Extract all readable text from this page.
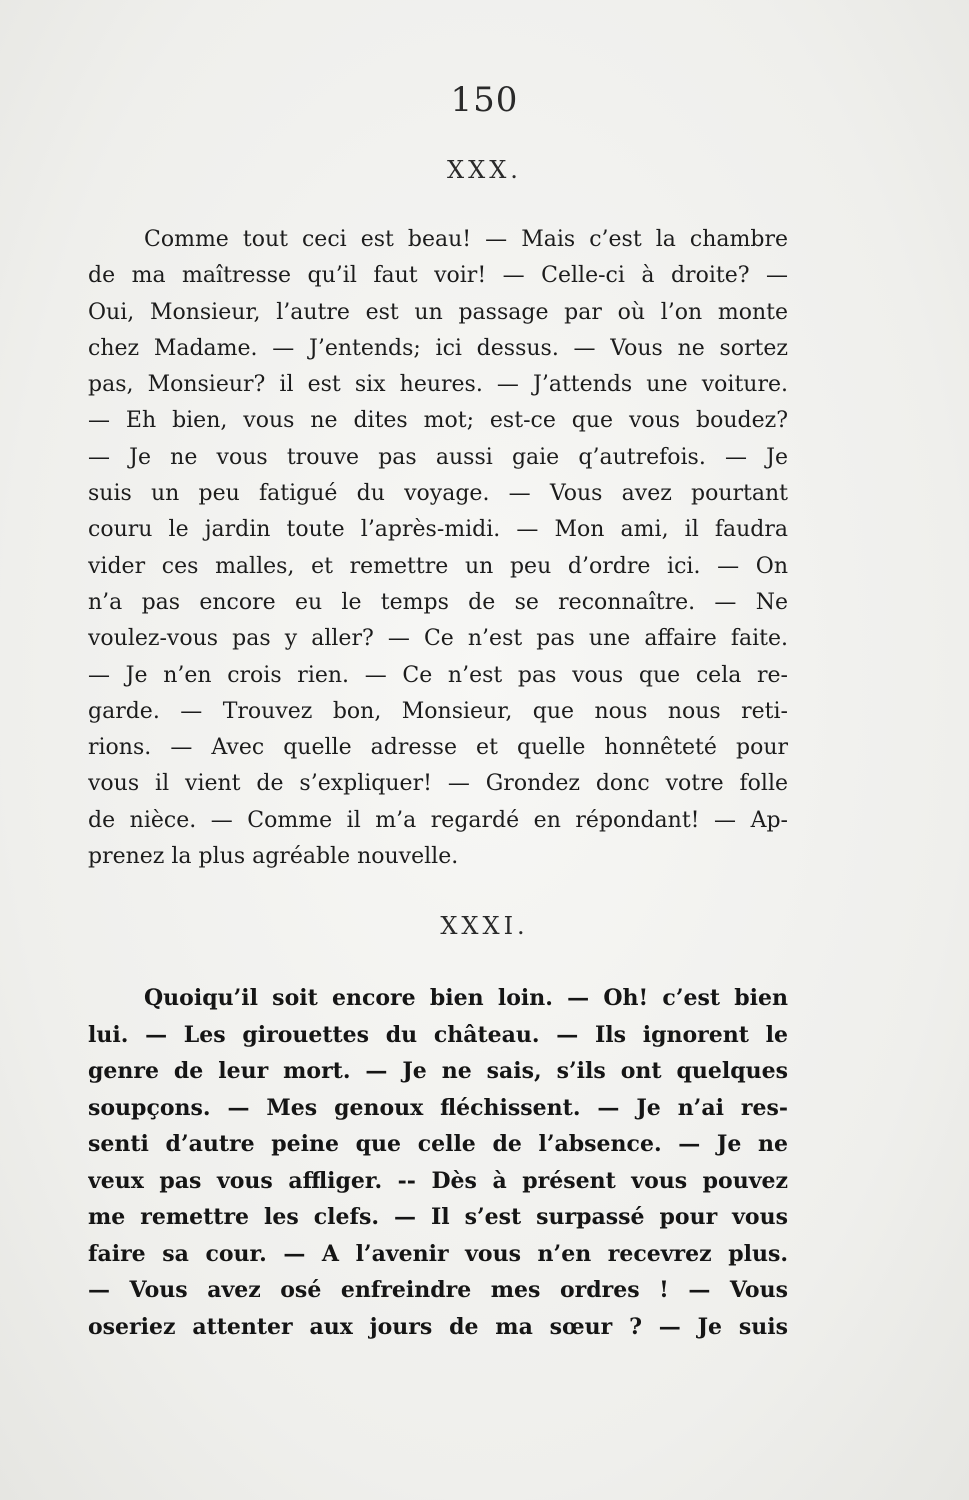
150
XXX.
Comme tout ceci est beau! — Mais c’est la chambre
de ma maîtresse qu’il faut voir! — Celle-ci à droite? —
Oui, Monsieur, l’autre est un passage par où l’on monte
chez Madame. — J’entends; ici dessus. — Vous ne sortez
pas, Monsieur? il est six heures. — J’attends une voiture.
— Eh bien, vous ne dites mot; est-ce que vous boudez?
— Je ne vous trouve pas aussi gaie q’autrefois. — Je
suis un peu fatigué du voyage. — Vous avez pourtant
couru le jardin toute l’après-midi. — Mon ami, il faudra
vider ces malles, et remettre un peu d’ordre ici. — On
n’a pas encore eu le temps de se reconnaître. — Ne
voulez-vous pas y aller? — Ce n’est pas une affaire faite.
— Je n’en crois rien. — Ce n’est pas vous que cela re-
garde. — Trouvez bon, Monsieur, que nous nous reti-
rions. — Avec quelle adresse et quelle honnêteté pour
vous il vient de s’expliquer! — Grondez donc votre folle
de nièce. — Comme il m’a regardé en répondant! — Ap-
prenez la plus agréable nouvelle.
XXXI.
Quoiqu’il soit encore bien loin. — Oh! c’est bien
lui. — Les girouettes du château. — Ils ignorent le
genre de leur mort. — Je ne sais, s’ils ont quelques
soupçons. — Mes genoux fléchissent. — Je n’ai res-
senti d’autre peine que celle de l’absence. — Je ne
veux pas vous affliger. -- Dès à présent vous pouvez
me remettre les clefs. — Il s’est surpassé pour vous
faire sa cour. — A l’avenir vous n’en recevrez plus.
— Vous avez osé enfreindre mes ordres ! — Vous
oseriez attenter aux jours de ma sœur ? — Je suis
